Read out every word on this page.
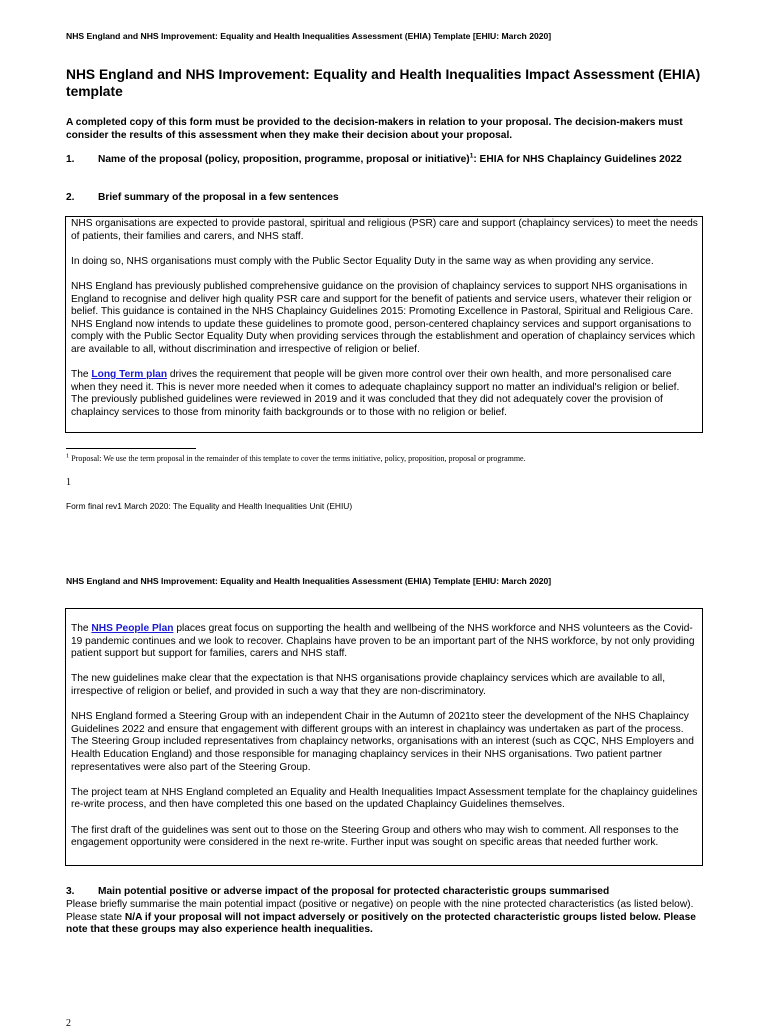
NHS England and NHS Improvement: Equality and Health Inequalities Assessment (EHIA) Template [EHIU: March 2020]
NHS England and NHS Improvement: Equality and Health Inequalities Impact Assessment (EHIA) template
A completed copy of this form must be provided to the decision-makers in relation to your proposal. The decision-makers must consider the results of this assessment when they make their decision about your proposal.
1. Name of the proposal (policy, proposition, programme, proposal or initiative)$^1$: EHIA for NHS Chaplaincy Guidelines 2022
2. Brief summary of the proposal in a few sentences

NHS organisations are expected to provide pastoral, spiritual and religious (PSR) care and support (chaplaincy services) to meet the needs of patients, their families and carers, and NHS staff.

In doing so, NHS organisations must comply with the Public Sector Equality Duty in the same way as when providing any service.

NHS England has previously published comprehensive guidance on the provision of chaplaincy services to support NHS organisations in England to recognise and deliver high quality PSR care and support for the benefit of patients and service users, whatever their religion or belief. This guidance is contained in the NHS Chaplaincy Guidelines 2015: Promoting Excellence in Pastoral, Spiritual and Religious Care. NHS England now intends to update these guidelines to promote good, person-centered chaplaincy services and support organisations to comply with the Public Sector Equality Duty when providing services through the establishment and operation of chaplaincy services which are available to all, without discrimination and irrespective of religion or belief.

The Long Term plan drives the requirement that people will be given more control over their own health, and more personalised care when they need it. This is never more needed when it comes to adequate chaplaincy support no matter an individual's religion or belief. The previously published guidelines were reviewed in 2019 and it was concluded that they did not adequately cover the provision of chaplaincy services to those from minority faith backgrounds or to those with no religion or belief.

$^1$ Proposal: We use the term proposal in the remainder of this template to cover the terms initiative, policy, proposition, proposal or programme.
1
Form final rev1 March 2020: The Equality and Health Inequalities Unit (EHIU)
NHS England and NHS Improvement: Equality and Health Inequalities Assessment (EHIA) Template [EHIU: March 2020]

The NHS People Plan places great focus on supporting the health and wellbeing of the NHS workforce and NHS volunteers as the Covid-19 pandemic continues and we look to recover. Chaplains have proven to be an important part of the NHS workforce, by not only providing patient support but support for families, carers and NHS staff.

The new guidelines make clear that the expectation is that NHS organisations provide chaplaincy services which are available to all, irrespective of religion or belief, and provided in such a way that they are non-discriminatory.

NHS England formed a Steering Group with an independent Chair in the Autumn of 2021to steer the development of the NHS Chaplaincy Guidelines 2022 and ensure that engagement with different groups with an interest in chaplaincy was undertaken as part of the process. The Steering Group included representatives from chaplaincy networks, organisations with an interest (such as CQC, NHS Employers and Health Education England) and those responsible for managing chaplaincy services in their NHS organisations. Two patient partner representatives were also part of the Steering Group.

The project team at NHS England completed an Equality and Health Inequalities Impact Assessment template for the chaplaincy guidelines re-write process, and then have completed this one based on the updated Chaplaincy Guidelines themselves.

The first draft of the guidelines was sent out to those on the Steering Group and others who may wish to comment. All responses to the engagement opportunity were considered in the next re-write. Further input was sought on specific areas that needed further work.

3. Main potential positive or adverse impact of the proposal for protected characteristic groups summarised
Please briefly summarise the main potential impact (positive or negative) on people with the nine protected characteristics (as listed below). Please state N/A if your proposal will not impact adversely or positively on the protected characteristic groups listed below. Please note that these groups may also experience health inequalities.
2
